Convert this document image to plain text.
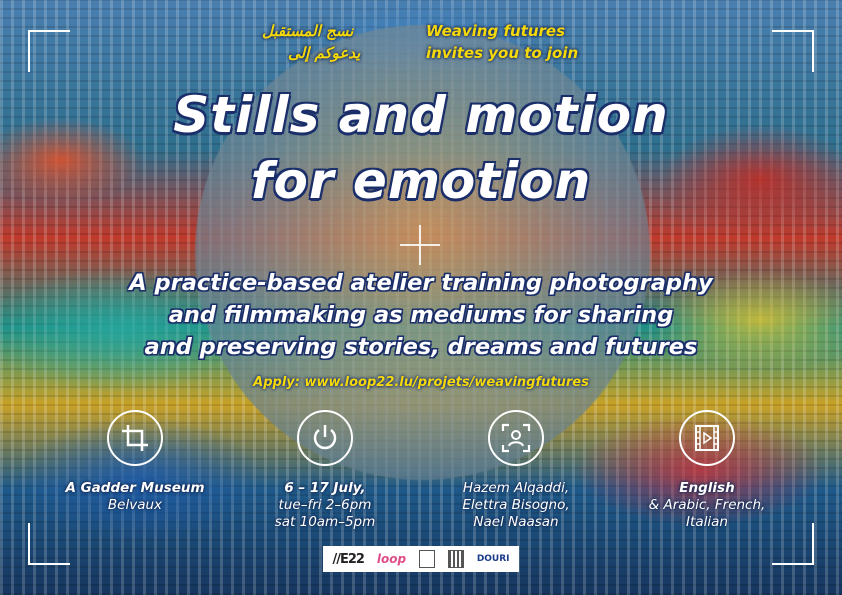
نسج المستقبل
يدعوكم إلى
Weaving futures
invites you to join
Stills and motion
for emotion
A practice-based atelier training photography
and filmmaking as mediums for sharing
and preserving stories, dreams and futures
Apply: www.loop22.lu/projets/weavingfutures
A Gadder Museum
Belvaux
6 – 17 July,
tue–fri 2–6pm
sat 10am–5pm
Hazem Alqaddi,
Elettra Bisogno,
Nael Naasan
English
& Arabic, French,
Italian
//E22 loop	DOURI
